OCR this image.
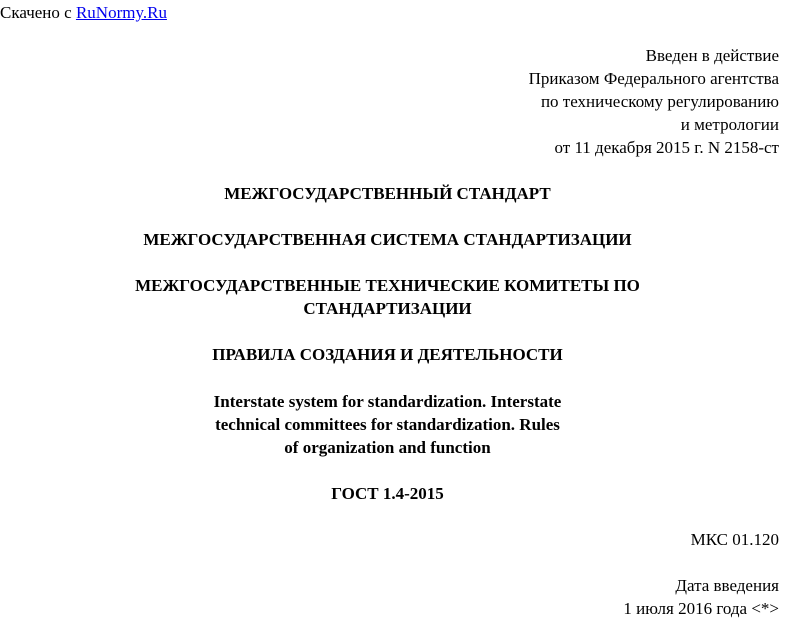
Скачено с RuNormy.Ru
Введен в действие
Приказом Федерального агентства
по техническому регулированию
и метрологии
от 11 декабря 2015 г. N 2158-ст
МЕЖГОСУДАРСТВЕННЫЙ СТАНДАРТ
МЕЖГОСУДАРСТВЕННАЯ СИСТЕМА СТАНДАРТИЗАЦИИ
МЕЖГОСУДАРСТВЕННЫЕ ТЕХНИЧЕСКИЕ КОМИТЕТЫ ПО
СТАНДАРТИЗАЦИИ
ПРАВИЛА СОЗДАНИЯ И ДЕЯТЕЛЬНОСТИ
Interstate system for standardization. Interstate
technical committees for standardization. Rules
of organization and function
ГОСТ 1.4-2015
МКС 01.120
Дата введения
1 июля 2016 года <*>
